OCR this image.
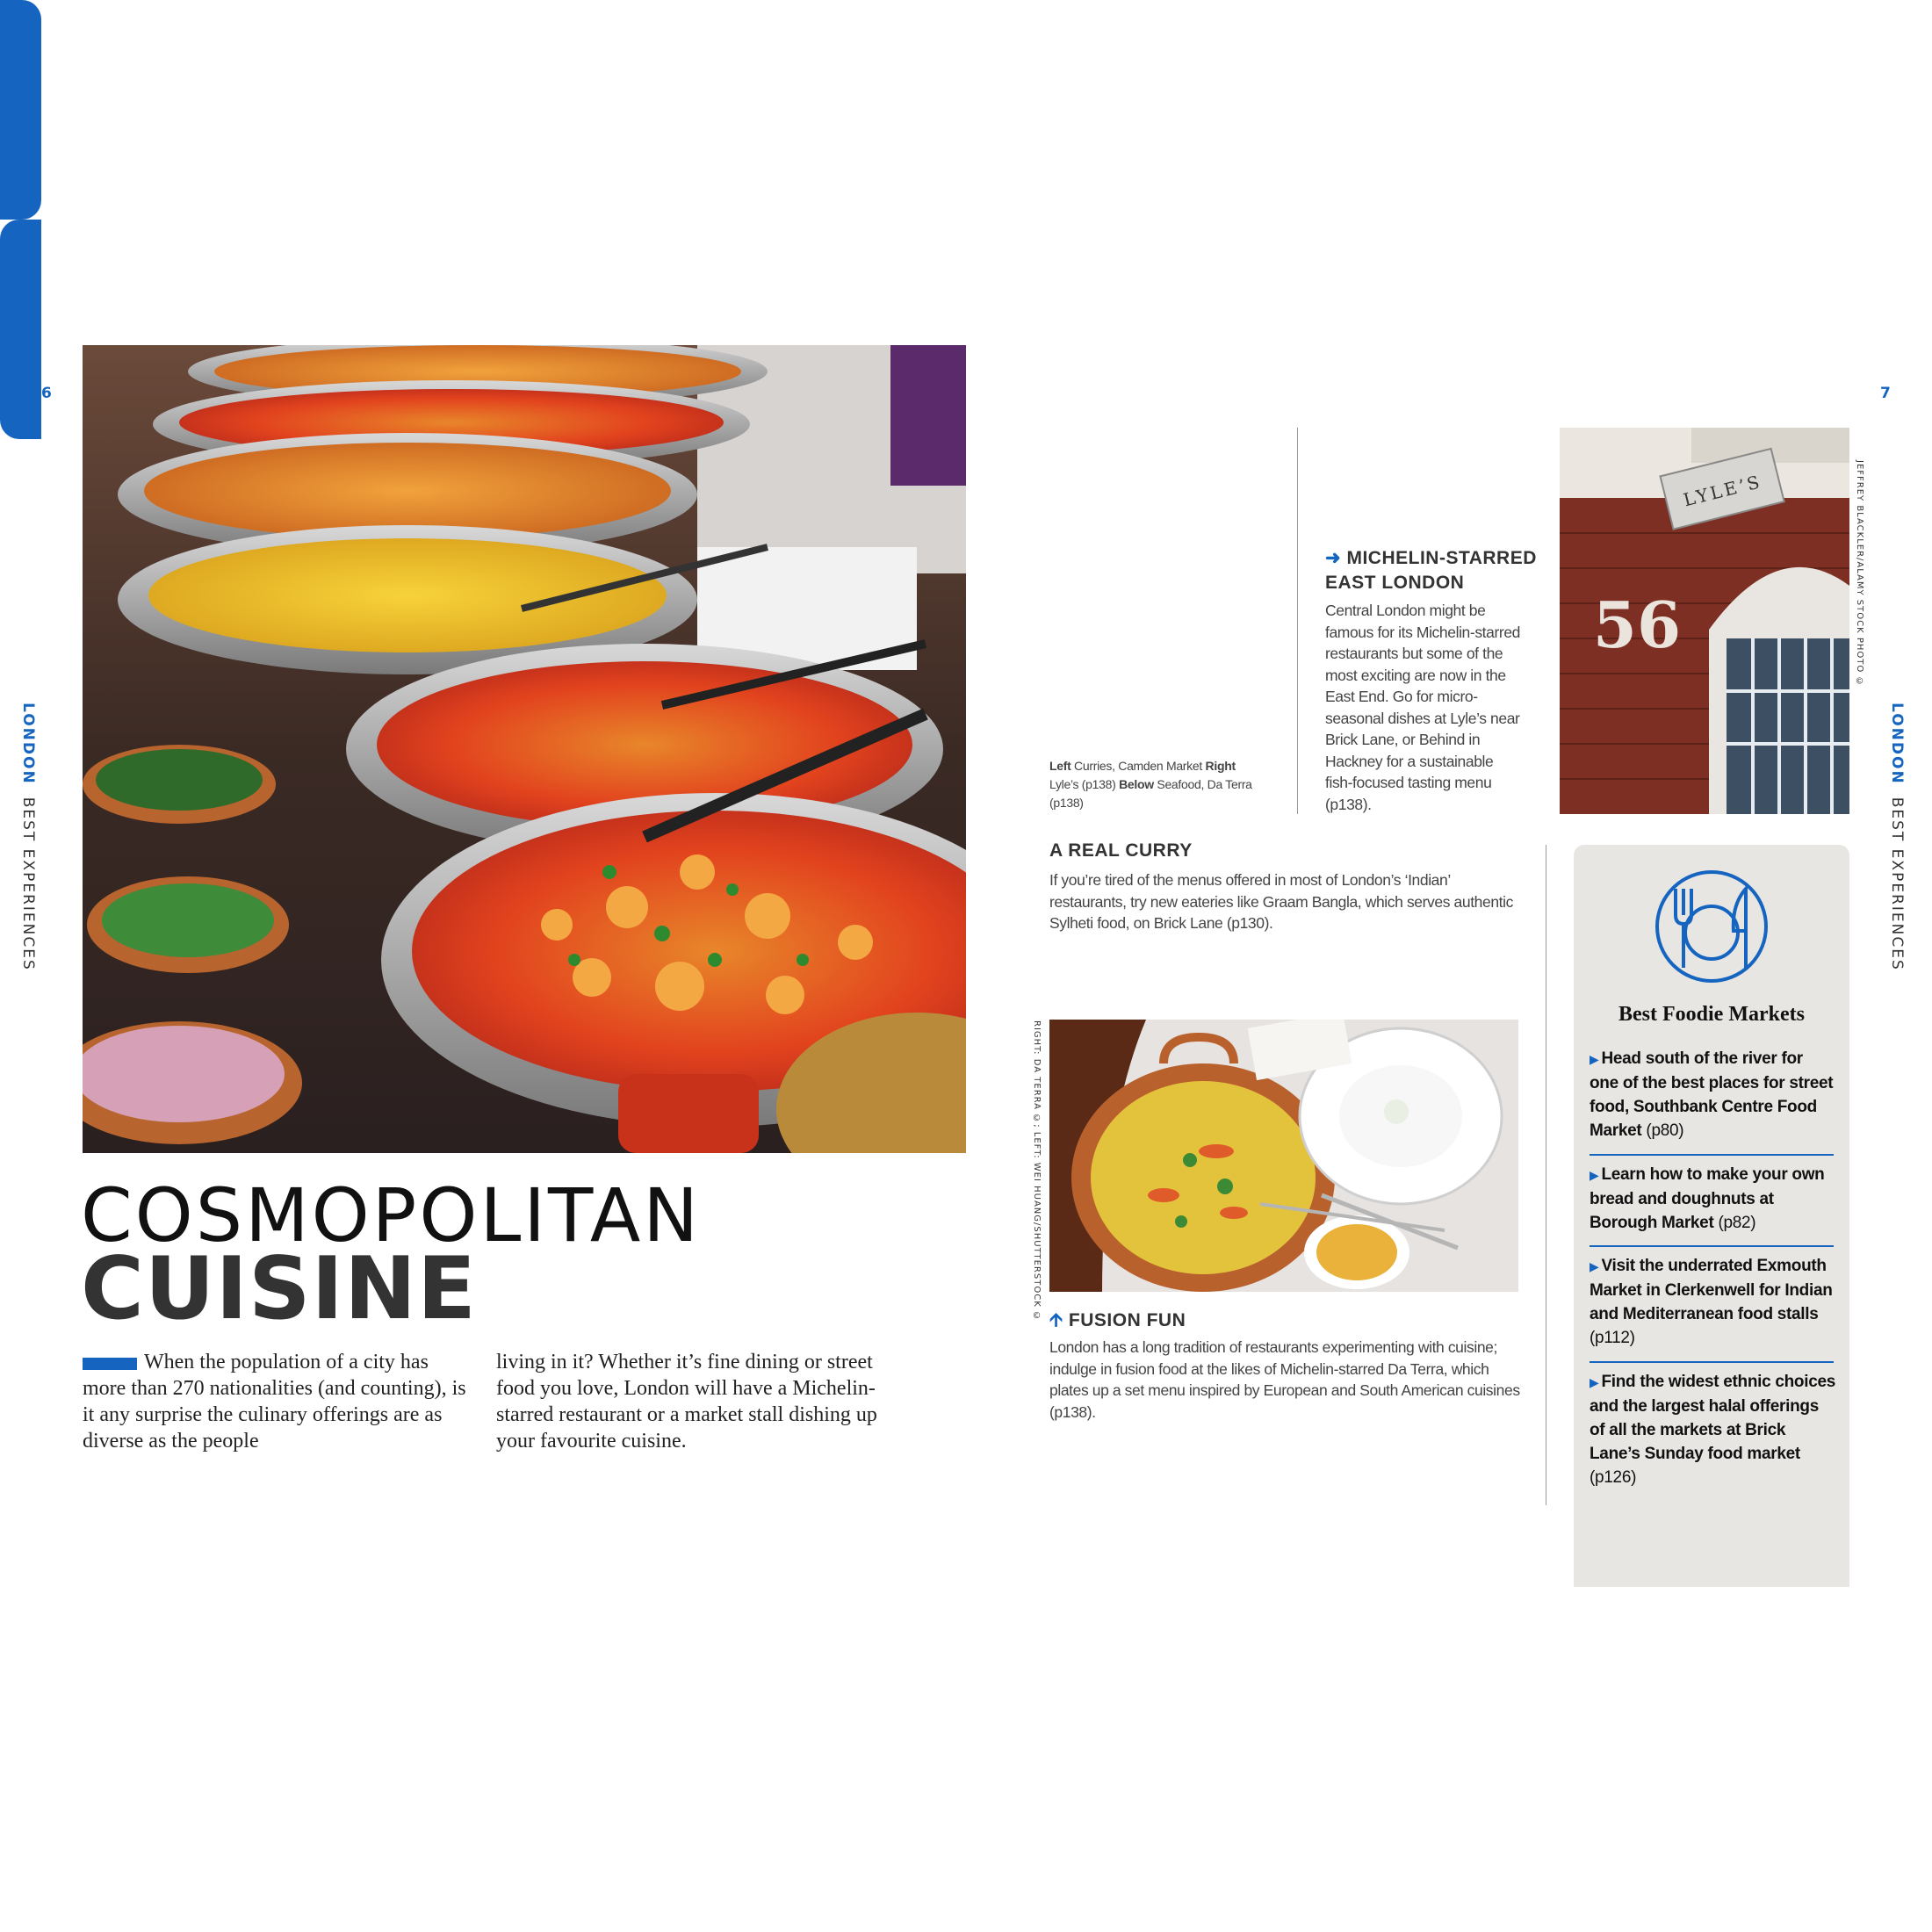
6
LONDONBEST EXPERIENCES
COSMOPOLITAN
CUISINE
When the population of a city has more than 270 nationalities (and counting), is it any surprise the culinary offerings are as diverse as the people
living in it? Whether it’s fine dining or street food you love, London will have a Michelin-starred restaurant or a market stall dishing up your favourite cuisine.
7
LONDONBEST EXPERIENCES
Left Curries, Camden Market Right Lyle’s (p138) Below Seafood, Da Terra (p138)
➜ MICHELIN-STARRED
EAST LONDON
Central London might be famous for its Michelin-starred restaurants but some of the most exciting are now in the East End. Go for micro-seasonal dishes at Lyle’s near Brick Lane, or Behind in Hackney for a sustainable fish-focused tasting menu (p138).
LYLE’S
56	JEFFREY BLACKLER/ALAMY STOCK PHOTO ©
A REAL CURRY
If you’re tired of the menus offered in most of London’s ‘Indian’ restaurants, try new eateries like Graam Bangla, which serves authentic Sylheti food, on Brick Lane (p130).
RIGHT: DA TERRA ©; LEFT: WEI HUANG/SHUTTERSTOCK © 🡩 FUSION FUN
London has a long tradition of restaurants experimenting with cuisine; indulge in fusion food at the likes of Michelin-starred Da Terra, which plates up a set menu inspired by European and South American cuisines (p138).
Best Foodie Markets
▶ Head south of the river for one of the best places for street food, Southbank Centre Food Market (p80)
▶ Learn how to make your own bread and doughnuts at Borough Market (p82)
▶ Visit the underrated Exmouth Market in Clerkenwell for Indian and Mediterranean food stalls (p112)
▶ Find the widest ethnic choices and the largest halal offerings of all the markets at Brick Lane’s Sunday food market (p126)
